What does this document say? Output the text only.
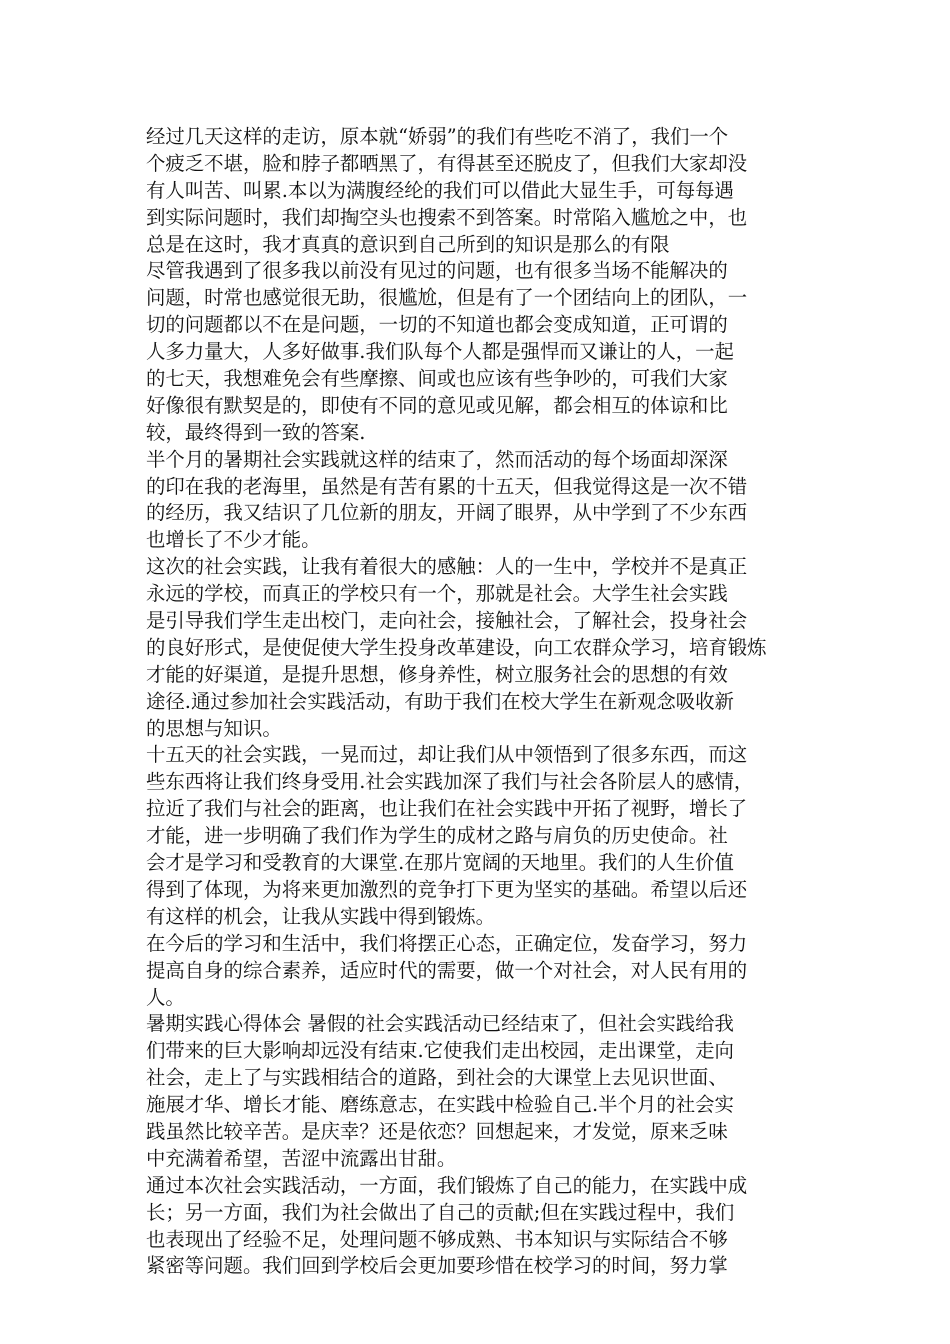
经过几天这样的走访，原本就“娇弱”的我们有些吃不消了，我们一个
个疲乏不堪，脸和脖子都晒黑了，有得甚至还脱皮了，但我们大家却没
有人叫苦、叫累.本以为满腹经纶的我们可以借此大显生手，可每每遇
到实际问题时，我们却掏空头也搜索不到答案。时常陷入尴尬之中，也
总是在这时，我才真真的意识到自己所到的知识是那么的有限
尽管我遇到了很多我以前没有见过的问题，也有很多当场不能解决的
问题，时常也感觉很无助，很尴尬，但是有了一个团结向上的团队，一
切的问题都以不在是问题，一切的不知道也都会变成知道，正可谓的
人多力量大，人多好做事.我们队每个人都是强悍而又谦让的人，一起
的七天，我想难免会有些摩擦、间或也应该有些争吵的，可我们大家
好像很有默契是的，即使有不同的意见或见解，都会相互的体谅和比
较，最终得到一致的答案.
半个月的暑期社会实践就这样的结束了，然而活动的每个场面却深深
的印在我的老海里，虽然是有苦有累的十五天，但我觉得这是一次不错
的经历，我又结识了几位新的朋友，开阔了眼界，从中学到了不少东西
也增长了不少才能。
这次的社会实践，让我有着很大的感触：人的一生中，学校并不是真正
永远的学校，而真正的学校只有一个，那就是社会。大学生社会实践
是引导我们学生走出校门，走向社会，接触社会，了解社会，投身社会
的良好形式，是使促使大学生投身改革建设，向工农群众学习，培育锻炼
才能的好渠道，是提升思想，修身养性，树立服务社会的思想的有效
途径.通过参加社会实践活动，有助于我们在校大学生在新观念吸收新
的思想与知识。
十五天的社会实践，一晃而过，却让我们从中领悟到了很多东西，而这
些东西将让我们终身受用.社会实践加深了我们与社会各阶层人的感情，
拉近了我们与社会的距离，也让我们在社会实践中开拓了视野，增长了
才能，进一步明确了我们作为学生的成材之路与肩负的历史使命。社
会才是学习和受教育的大课堂.在那片宽阔的天地里。我们的人生价值
得到了体现，为将来更加激烈的竞争打下更为坚实的基础。希望以后还
有这样的机会，让我从实践中得到锻炼。
在今后的学习和生活中，我们将摆正心态，正确定位，发奋学习，努力
提高自身的综合素养，适应时代的需要，做一个对社会，对人民有用的
人。
暑期实践心得体会 暑假的社会实践活动已经结束了，但社会实践给我
们带来的巨大影响却远没有结束.它使我们走出校园，走出课堂，走向
社会，走上了与实践相结合的道路，到社会的大课堂上去见识世面、
施展才华、增长才能、磨练意志，在实践中检验自己.半个月的社会实
践虽然比较辛苦。是庆幸？还是依恋？回想起来，才发觉，原来乏味
中充满着希望，苦涩中流露出甘甜。
通过本次社会实践活动，一方面，我们锻炼了自己的能力，在实践中成
长；另一方面，我们为社会做出了自己的贡献;但在实践过程中，我们
也表现出了经验不足，处理问题不够成熟、书本知识与实际结合不够
紧密等问题。我们回到学校后会更加要珍惜在校学习的时间，努力掌
